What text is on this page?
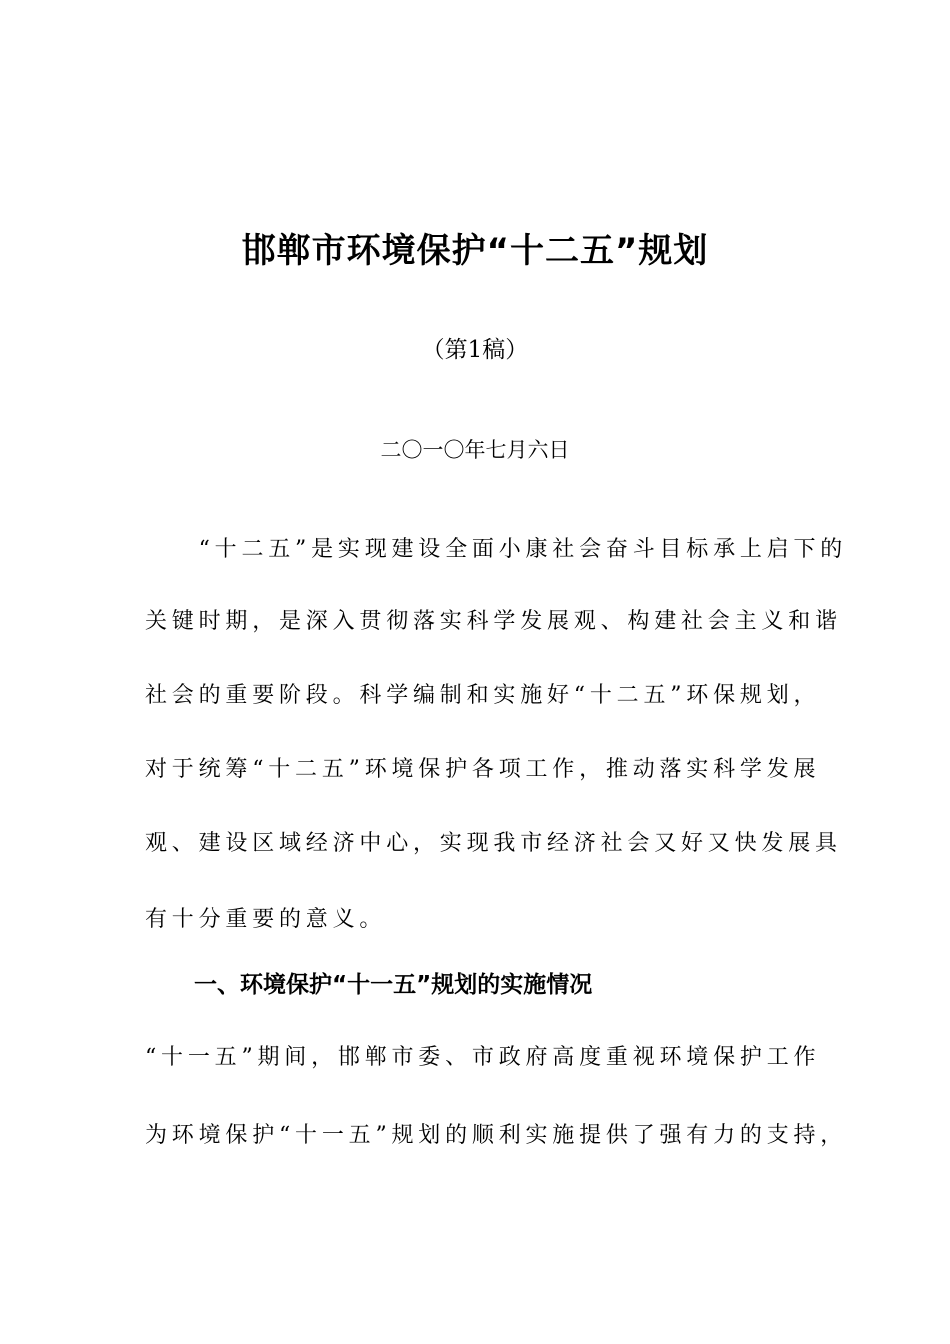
邯郸市环境保护“十二五”规划
（第1稿）
二〇一〇年七月六日
　　“十二五”是实现建设全面小康社会奋斗目标承上启下的
关键时期，是深入贯彻落实科学发展观、构建社会主义和谐
社会的重要阶段。科学编制和实施好“十二五”环保规划，
对于统筹“十二五”环境保护各项工作，推动落实科学发展
观、建设区域经济中心，实现我市经济社会又好又快发展具
有十分重要的意义。
一、环境保护“十一五”规划的实施情况
“十一五”期间，邯郸市委、市政府高度重视环境保护工作
为环境保护“十一五”规划的顺利实施提供了强有力的支持，
